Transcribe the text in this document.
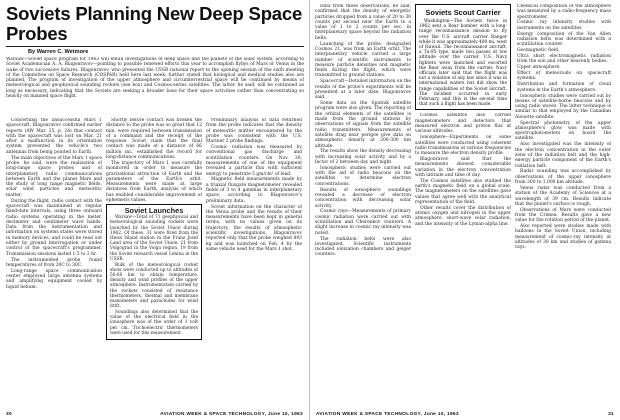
Soviets Planning New Deep Space Probes
By Warren C. Wetmore

Warsaw—Soviet space program for 1963 will entail investigations of deep space and the planets of the solar system, according to Soviet Academician A. A. Blagonravov—pointing to possible renewed efforts this year to accomplish flybys of Mars or Venus in the wake of two successive failures. Blagonravov, who presented the USSR national report to the opening session of the sixth meeting of the Committee on Space Research (COSPAR) held here last week, further stated that biological and medical studies also are planned. The program of investigation of the upper atmosphere and circumterrestrial space will be continued by means of meteorological and geophysical sounding rockets (see box) and Cosmos-series satellites. The latter, he said, will be continued as long as necessary, indicating that the Soviets are seeking a broader base for their space activities rather than concentrating so heavily on manned space flight.

Concerning the unsuccessful Mars 1 spacecraft, Blagonravov confirmed earlier reports (AW Mar. 25, p. 24) that contact with the spacecraft was lost on Mar. 21 after a malfunction in its orientation system prevented the vehicle's two antennas from being pointed to Earth.

The main objectives of the Mars 1 space probe, he said, were the realization of long-range space probes and of interplanetary radio communications between Earth and the planet Mars and the study of long range magnetic fields, solar wind particles and meteoritic matter.

During the flight, radio contact with the spacecraft was maintained at regular fixed-date intervals, using three onboard radio systems operating in the meter, decimeter and centimeter wave bands. Data from the instrumentation and information on systems states were stored in memory devices, and could be read out either by ground interrogation or under control of the spacecraft's programmer. Transmission sessions lasted 1.5 to 2 hr.

The instrumented probe found temperatures of from 20C to 30C.

Long-range space communication center employed large antenna systems and amplifying equipment cooled by liquid helium.

Shortly before contact was broken the distance to the probe was so great that 12 min. were required between transmission of a command and the receipt of the response. Soviet claim that the final contact was made at a distance of 66 million mi., established the record for long-distance communications.

The trajectory of Mars 1 was carefully monitored in order to measure the gravitational attraction of Earth and the parameters of the Earth's orbit. Measurements were made at large distances from Earth, analysis of which has enabled considerable improvement of ephemeris values.

Soviet Launches

Warsaw—Total of 71 geophysical and meteorological sounding rockets were launched by the Soviet Union during 1962. Of these, 31 were fired from the Heiss Island station in the Franz Josef Land area of the Soviet Union. 21 from Volgograd in the Volga region, 19 from the Soviet research vessel Lenina in the USSR.

Bulk of the meteorological rocket shots were conducted up to altitudes of 50-60 km to obtain temperature, density and wind profiles of the upper atmosphere. Instrumentation carried by the rockets consisted of resistance thermometers, thermal and membrane manometers and parachutes for wind drift.

Soundings also determined that the value of the electrical field in the ionosphere was of the order of 1 volt per cm. Trichoelectric thermometers were used for this measurement.

Preliminary analysis of data returned from the probe indicates that the density of meteoritic matter encountered by the probe was consistent with the U.S. Mariner 2 probe findings.

Cosmic radiation was measured by conventional gas discharge and scintillation counters. On Nov. 30, measurements of one of the equipment revealed a particle flux with sufficient energy to penetrate 5 gm/cm² of lead.

Magnetic field measurements made by a triaxial fluxgate magnetometer revealed fields of 3 to 4 gammas in interplanetary space, according to Blagonravov's preliminary data.

Soviet information on the character of the Venus probe and the results of their measurements have been kept in general terms, with no values given on its trajectory, the results of atmospheric scientific investigations. Blagonravov reported only that the probe weighed 893 kg and was launched on Feb. 4 by the same vehicle used for the Mars 1 shot.

30	AVIATION WEEK & SPACE TECHNOLOGY, June 10, 1963

Data from these observations, he said, confirmed that the density of energetic particles dropped from a value of 20 to 30 counts per second near the Earth to a value of 1 to 2 counts per sec. in interplanetary space beyond the radiation belts.

Launching of the probe, designated Cosmos 21, was from an Earth orbit. The interplanetary vehicle carried a large number of scientific instruments to measure particle densities and magnetic fields during the flight, which were transmitted to ground stations.

Spacecraft—Detailed information on the results of the probe's experiments will be presented at a later date, Blagonravov said.

Some data on the Sputnik satellite program were also given. The reporting of the orbital elements of the satellites is made from the ground stations by observations of signals from the satellite radio transmitters. Measurements of satellite drag near perigee give data on atmospheric density at 200-300 km altitude.

The results show the density decreasing with increasing solar activity and by a factor of 2 between day and night.

Ionospheric studies were carried out with the aid of radio beacons on the satellites to determine electron concentrations.

Results of ionospheric soundings revealed a decrease of electron concentration with decreasing solar activity.

Cosmic rays—Measurements of primary cosmic radiation were carried out with scintillation and Cherenkov counters. A slight increase in cosmic ray intensity was noted.

The radiation belts were also investigated. Scientific instruments included ionization chambers and geiger counters.

Soviets Scout Carrier

Washington—The Soviets twice in 1962 sent a Bear bomber with a long-range reconnaissance mission to fly over the U.S. aircraft carrier Ranger while it was approximately 400 mi. west of Hawaii. The reconnaissance aircraft, a Tu-95 type, made two passes at low altitude over the carrier. U.S. Navy fighters were launched and escorted the Bear away from the carrier. Navy officials later said that the flight was not a violation of any law since it was in international waters but did show the range capabilities of the Soviet aircraft. The incident occurred in early February, and this is the second time that such a flight has been made.

Cosmos satellites also carried magnetometers and detectors that measured electron and proton flux at various altitudes.

Ionosphere—Experiments on some satellites were conducted using coherent radio transmissions at various frequencies to measure the electron density profile.

Blagonravov said that the measurements showed considerable variation in the electron concentration with latitude and time of day.

The Cosmos satellites also studied the earth's magnetic field on a global scale. The magnetometers on the satellites gave values that agree well with the analytical representation of the field.

Other results cover the distribution of atomic oxygen and nitrogen in the upper atmosphere, short-wave solar radiation, and the intensity of the Lyman-alpha line.

Chemical composition of the atmosphere was measured by a radio-frequency mass spectrometer.

Cosmic ray intensity studies with instruments on the satellites.

Energy composition of the Van Allen radiation belts was determined with a scintillation counter.

Geomagnetic field.

Ultra short electromagnetic radiation from the sun and other heavenly bodies.

Upper atmosphere.

Effect of meteoroids on spacecraft systems.

Distribution and formation of cloud systems in the Earth's atmosphere.

Ionospheric studies were carried out by means of satellite-borne beacons and by using radio waves. The latter technique is similar to that employed by the Canadian Alouette satellite.

Spectral photometry of the upper atmosphere's glow was made with spectrophotometers on board the satellite.

Also investigated was the intensity of the electron concentration in the outer zone of the radiation belt and the high-energy particle component of the Earth's radiation belt.

Radar sounding was accomplished by observations of the upper ionosphere from 300 to 1,000 km altitude.

Venus radar was conducted from a station of the Academy of Sciences at a wavelength of 39 cm. Results indicate that the planet's surface is rough.

Observations of Mars were conducted from the Crimea. Results gave a new value for the rotation period of the planet.

Also reported were studies made with balloons in the Soviet Union, including measurement of cosmic-ray intensity at altitudes of 30 km and studies of gamma rays.

AVIATION WEEK & SPACE TECHNOLOGY, June 10, 1963	31
